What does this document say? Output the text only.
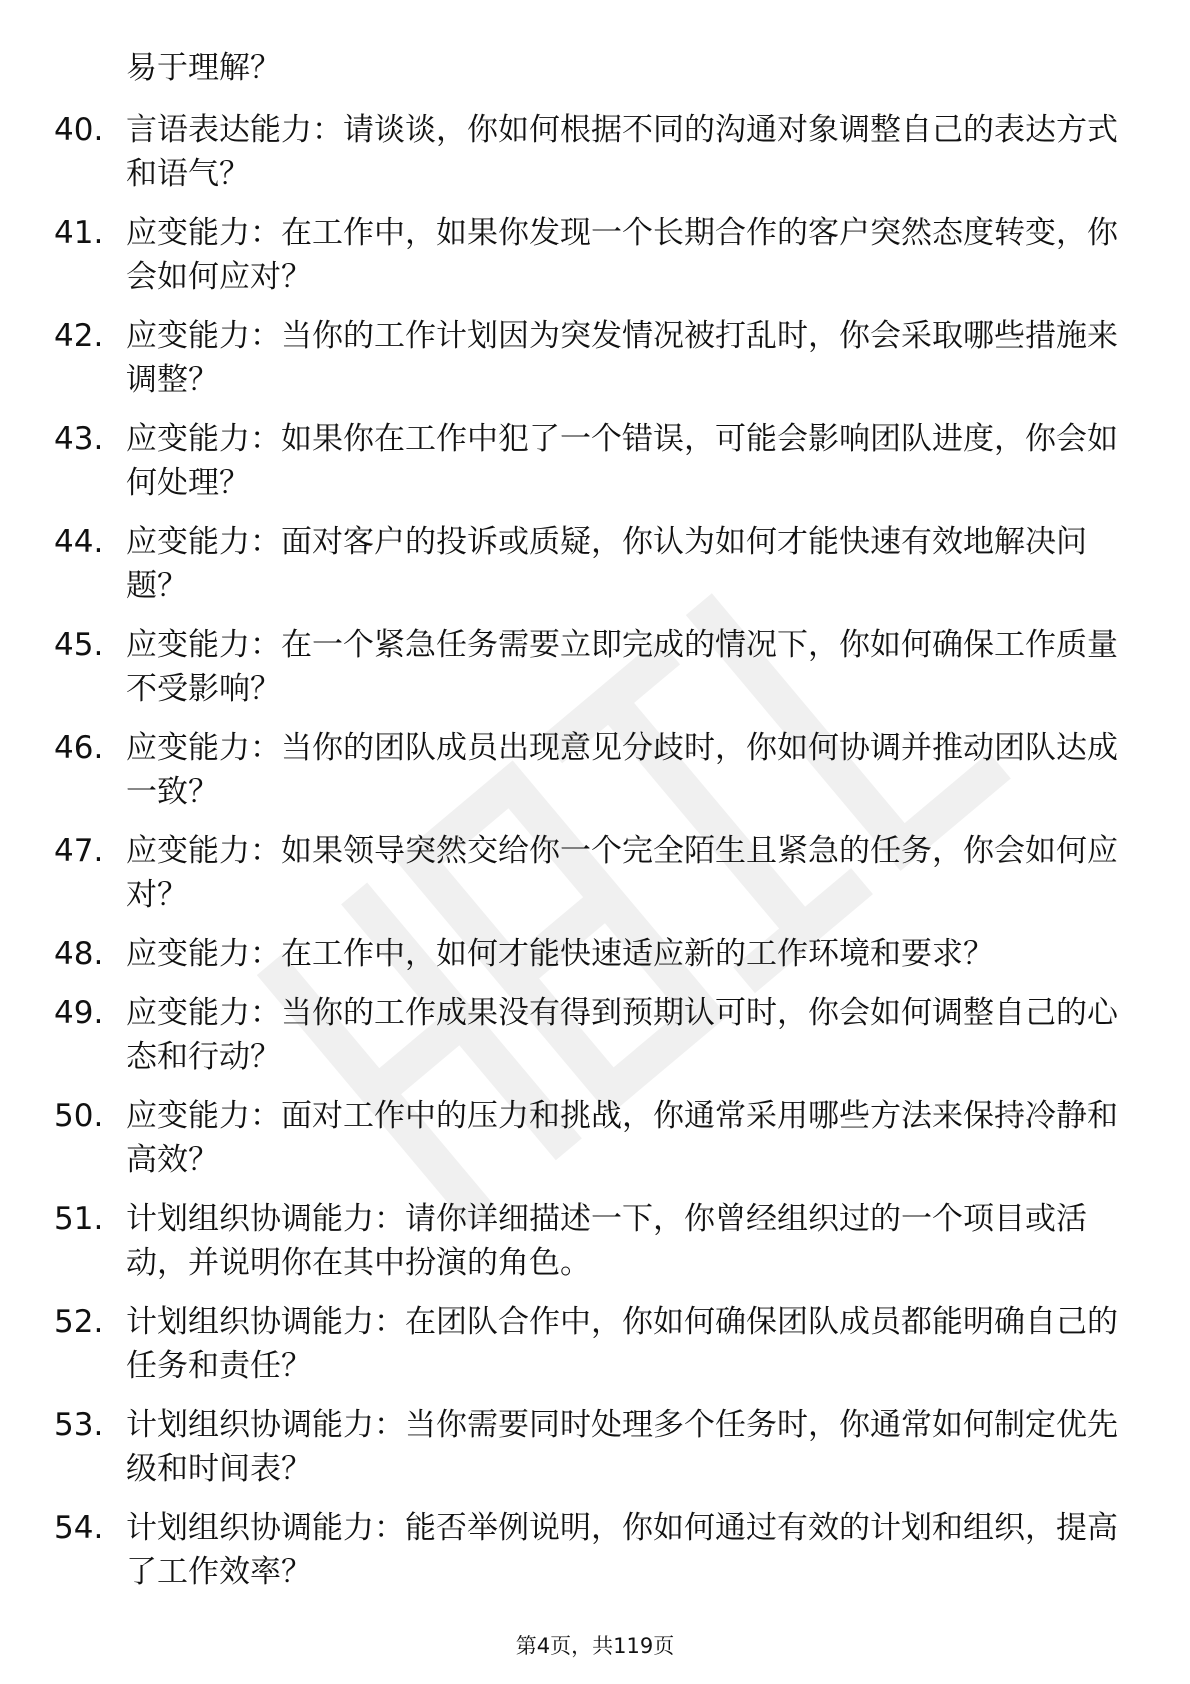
易于理解？
40. 言语表达能力：请谈谈，你如何根据不同的沟通对象调整自己的表达方式和语气？
41. 应变能力：在工作中，如果你发现一个长期合作的客户突然态度转变，你会如何应对？
42. 应变能力：当你的工作计划因为突发情况被打乱时，你会采取哪些措施来调整？
43. 应变能力：如果你在工作中犯了一个错误，可能会影响团队进度，你会如何处理？
44. 应变能力：面对客户的投诉或质疑，你认为如何才能快速有效地解决问题？
45. 应变能力：在一个紧急任务需要立即完成的情况下，你如何确保工作质量不受影响？
46. 应变能力：当你的团队成员出现意见分歧时，你如何协调并推动团队达成一致？
47. 应变能力：如果领导突然交给你一个完全陌生且紧急的任务，你会如何应对？
48. 应变能力：在工作中，如何才能快速适应新的工作环境和要求？
49. 应变能力：当你的工作成果没有得到预期认可时，你会如何调整自己的心态和行动？
50. 应变能力：面对工作中的压力和挑战，你通常采用哪些方法来保持冷静和高效？
51. 计划组织协调能力：请你详细描述一下，你曾经组织过的一个项目或活动，并说明你在其中扮演的角色。
52. 计划组织协调能力：在团队合作中，你如何确保团队成员都能明确自己的任务和责任？
53. 计划组织协调能力：当你需要同时处理多个任务时，你通常如何制定优先级和时间表？
54. 计划组织协调能力：能否举例说明，你如何通过有效的计划和组织，提高了工作效率？
第4页，共119页
